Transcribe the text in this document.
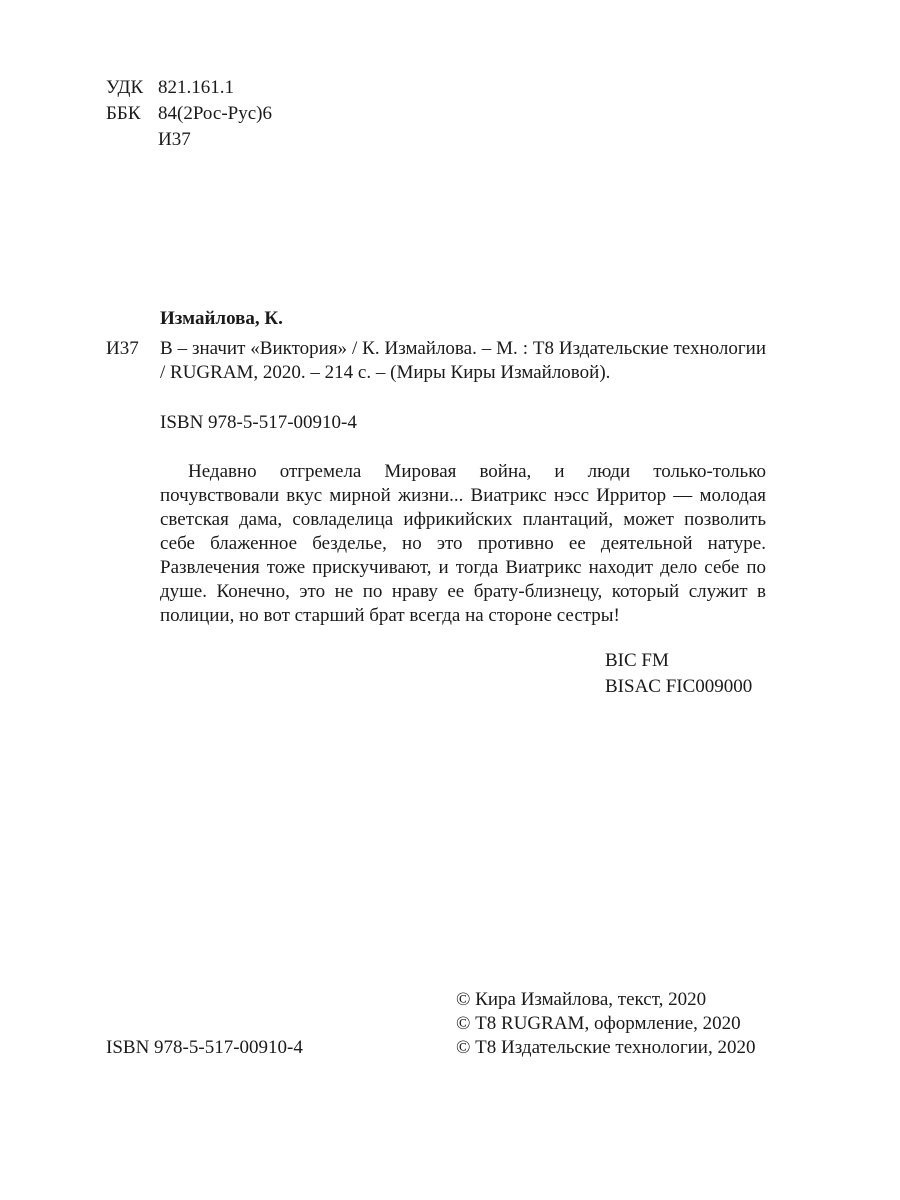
УДК 821.161.1
ББК 84(2Рос-Рус)6
И37
Измайлова, К.
И37 В – значит «Виктория» / К. Измайлова. – М. : Т8 Издательские технологии / RUGRAM, 2020. – 214 с. – (Миры Киры Измайловой).
ISBN 978-5-517-00910-4
Недавно отгремела Мировая война, и люди только-только почувствовали вкус мирной жизни... Виатрикс нэсс Ирритор — молодая светская дама, совладелица ифрикийских плантаций, может позволить себе блаженное безделье, но это противно ее деятельной натуре. Развлечения тоже прискучивают, и тогда Виатрикс находит дело себе по душе. Конечно, это не по нраву ее брату-близнецу, который служит в полиции, но вот старший брат всегда на стороне сестры!
BIC FM
BISAC FIC009000
© Кира Измайлова, текст, 2020
© Т8 RUGRAM, оформление, 2020
© Т8 Издательские технологии, 2020
ISBN 978-5-517-00910-4
